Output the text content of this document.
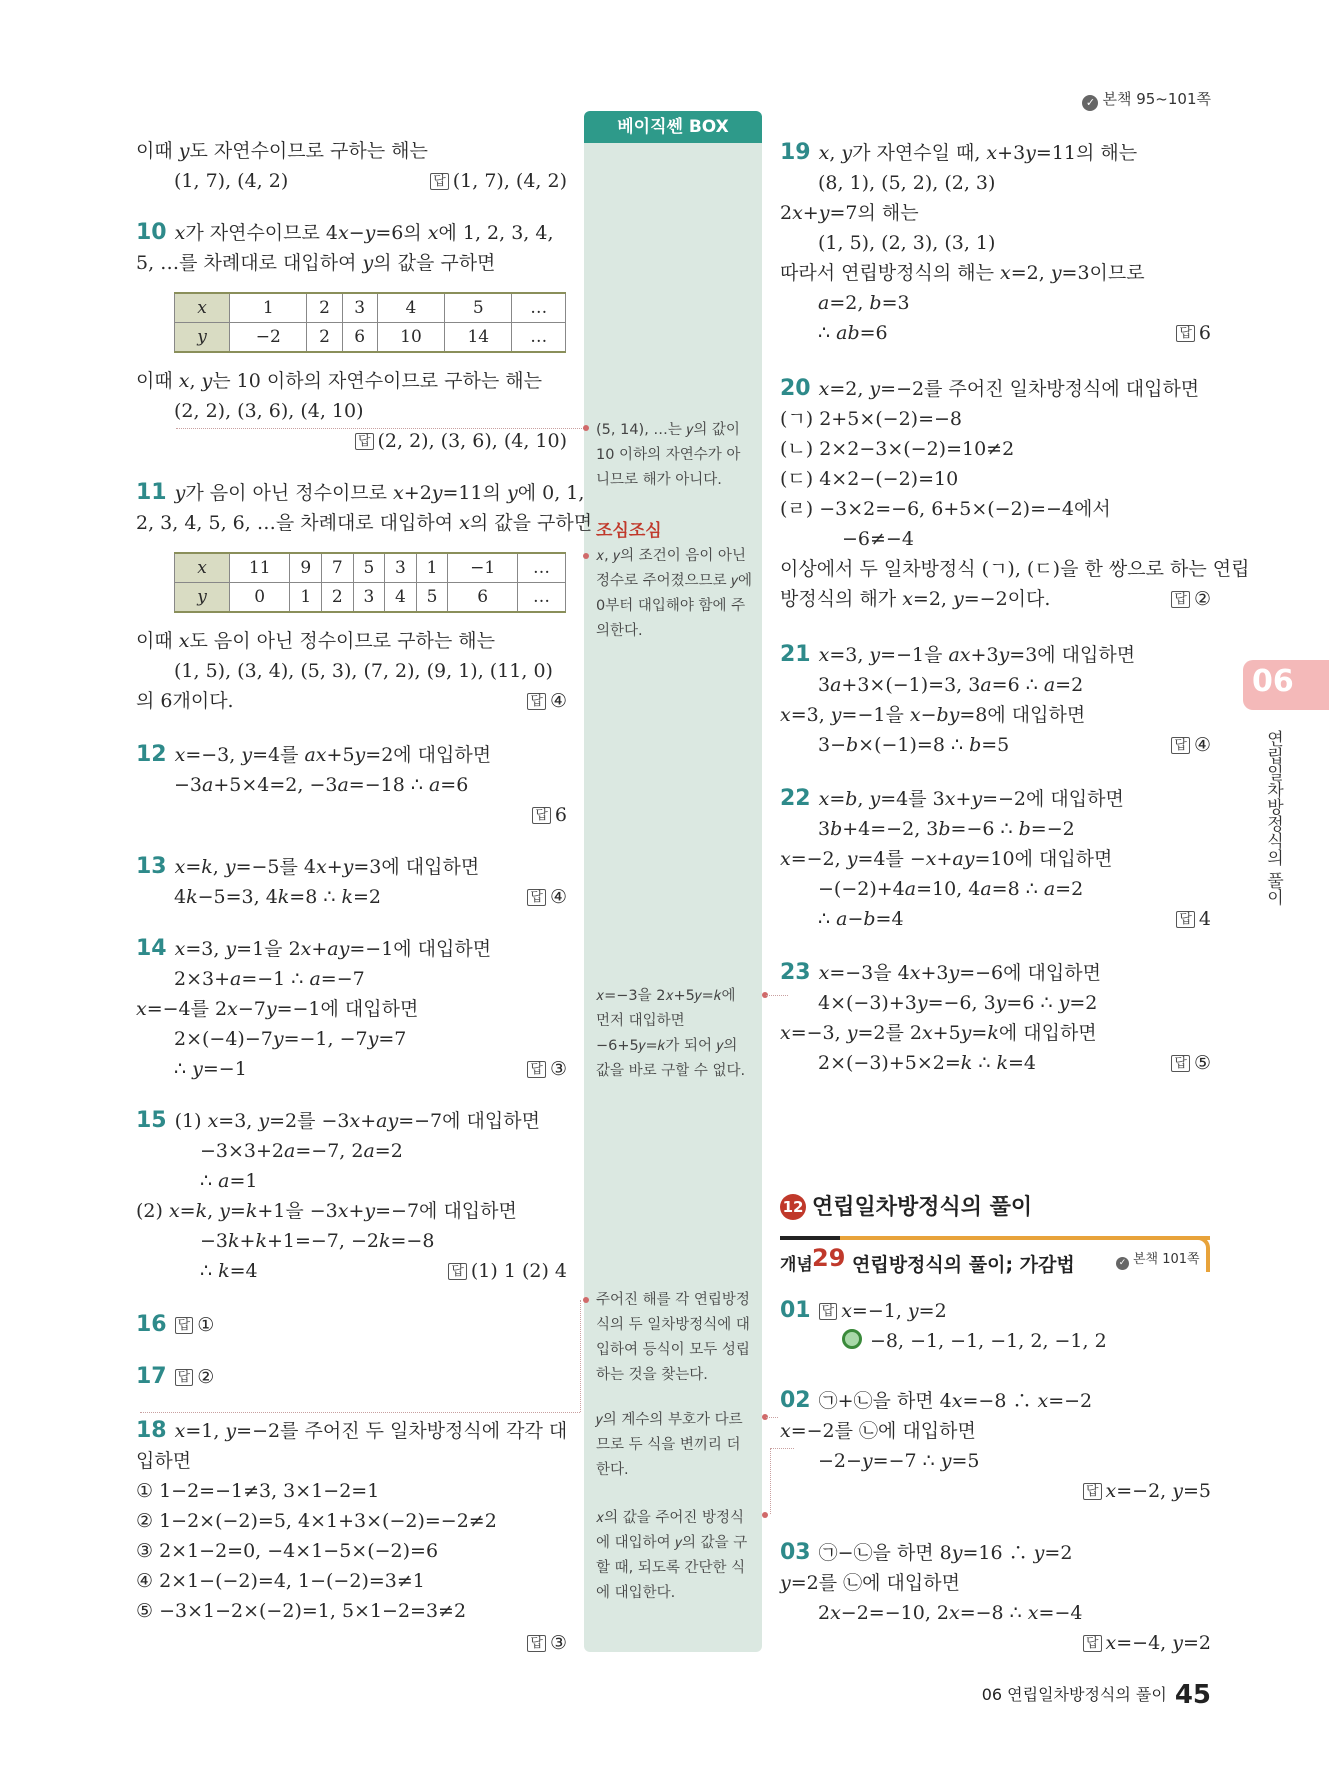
✓ 본책 95~101쪽
베이직쎈 BOX
(5, 14), …는 𝑦의 값이 10 이하의 자연수가 아니므로 해가 아니다.
조심조심
𝑥, 𝑦의 조건이 음이 아닌 정수로 주어졌으므로 𝑦에 0부터 대입해야 함에 주의한다.
𝑥=−3을 2𝑥+5𝑦=𝑘에 먼저 대입하면 −6+5𝑦=𝑘가 되어 𝑦의 값을 바로 구할 수 없다.
주어진 해를 각 연립방정식의 두 일차방정식에 대입하여 등식이 모두 성립하는 것을 찾는다.
𝑦의 계수의 부호가 다르므로 두 식을 변끼리 더한다.
𝑥의 값을 주어진 방정식에 대입하여 𝑦의 값을 구할 때, 되도록 간단한 식에 대입한다.
이때 𝑦도 자연수이므로 구하는 해는
(1, 7), (4, 2)	답 (1, 7), (4, 2)
10 𝑥가 자연수이므로 4𝑥−𝑦=6의 𝑥에 1, 2, 3, 4,
5, …를 차례대로 대입하여 𝑦의 값을 구하면
𝑥	1	2	3	4	5	…
𝑦	−2	2	6	10	14	…
이때 𝑥, 𝑦는 10 이하의 자연수이므로 구하는 해는
(2, 2), (3, 6), (4, 10)
답 (2, 2), (3, 6), (4, 10)
11 𝑦가 음이 아닌 정수이므로 𝑥+2𝑦=11의 𝑦에 0, 1,
2, 3, 4, 5, 6, …을 차례대로 대입하여 𝑥의 값을 구하면
𝑥	11	9	7	5	3	1	−1	…
𝑦	0	1	2	3	4	5	6	…
이때 𝑥도 음이 아닌 정수이므로 구하는 해는
(1, 5), (3, 4), (5, 3), (7, 2), (9, 1), (11, 0)
의 6개이다.	답 ④
12 𝑥=−3, 𝑦=4를 𝑎𝑥+5𝑦=2에 대입하면
−3𝑎+5×4=2, −3𝑎=−18 ∴ 𝑎=6
답 6
13 𝑥=𝑘, 𝑦=−5를 4𝑥+𝑦=3에 대입하면
4𝑘−5=3, 4𝑘=8 ∴ 𝑘=2	답 ④
14 𝑥=3, 𝑦=1을 2𝑥+𝑎𝑦=−1에 대입하면
2×3+𝑎=−1 ∴ 𝑎=−7
𝑥=−4를 2𝑥−7𝑦=−1에 대입하면
2×(−4)−7𝑦=−1, −7𝑦=7
∴ 𝑦=−1	답 ③
15 (1) 𝑥=3, 𝑦=2를 −3𝑥+𝑎𝑦=−7에 대입하면
−3×3+2𝑎=−7, 2𝑎=2
∴ 𝑎=1
(2) 𝑥=𝑘, 𝑦=𝑘+1을 −3𝑥+𝑦=−7에 대입하면
−3𝑘+𝑘+1=−7, −2𝑘=−8
∴ 𝑘=4	답 (1) 1 (2) 4
16 답 ①
17 답 ②
18 𝑥=1, 𝑦=−2를 주어진 두 일차방정식에 각각 대
입하면
① 1−2=−1≠3, 3×1−2=1
② 1−2×(−2)=5, 4×1+3×(−2)=−2≠2
③ 2×1−2=0, −4×1−5×(−2)=6
④ 2×1−(−2)=4, 1−(−2)=3≠1
⑤ −3×1−2×(−2)=1, 5×1−2=3≠2
답 ③
19 𝑥, 𝑦가 자연수일 때, 𝑥+3𝑦=11의 해는
(8, 1), (5, 2), (2, 3)
2𝑥+𝑦=7의 해는
(1, 5), (2, 3), (3, 1)
따라서 연립방정식의 해는 𝑥=2, 𝑦=3이므로
𝑎=2, 𝑏=3
∴ 𝑎𝑏=6	답 6
20 𝑥=2, 𝑦=−2를 주어진 일차방정식에 대입하면
(ㄱ) 2+5×(−2)=−8
(ㄴ) 2×2−3×(−2)=10≠2
(ㄷ) 4×2−(−2)=10
(ㄹ) −3×2=−6, 6+5×(−2)=−4에서
−6≠−4
이상에서 두 일차방정식 (ㄱ), (ㄷ)을 한 쌍으로 하는 연립
방정식의 해가 𝑥=2, 𝑦=−2이다.	답 ②
21 𝑥=3, 𝑦=−1을 𝑎𝑥+3𝑦=3에 대입하면
3𝑎+3×(−1)=3, 3𝑎=6 ∴ 𝑎=2
𝑥=3, 𝑦=−1을 𝑥−𝑏𝑦=8에 대입하면
3−𝑏×(−1)=8 ∴ 𝑏=5	답 ④
22 𝑥=𝑏, 𝑦=4를 3𝑥+𝑦=−2에 대입하면
3𝑏+4=−2, 3𝑏=−6 ∴ 𝑏=−2
𝑥=−2, 𝑦=4를 −𝑥+𝑎𝑦=10에 대입하면
−(−2)+4𝑎=10, 4𝑎=8 ∴ 𝑎=2
∴ 𝑎−𝑏=4	답 4
23 𝑥=−3을 4𝑥+3𝑦=−6에 대입하면
4×(−3)+3𝑦=−6, 3𝑦=6 ∴ 𝑦=2
𝑥=−3, 𝑦=2를 2𝑥+5𝑦=𝑘에 대입하면
2×(−3)+5×2=𝑘 ∴ 𝑘=4	답 ⑤
12 연립일차방정식의 풀이
개념 29 연립방정식의 풀이; 가감법	✓ 본책 101쪽
01 답 𝑥=−1, 𝑦=2
−8, −1, −1, −1, 2, −1, 2
02 ㉠+㉡을 하면 4𝑥=−8 ∴ 𝑥=−2
𝑥=−2를 ㉡에 대입하면
−2−𝑦=−7 ∴ 𝑦=5
답 𝑥=−2, 𝑦=5
03 ㉠−㉡을 하면 8𝑦=16 ∴ 𝑦=2
𝑦=2를 ㉡에 대입하면
2𝑥−2=−10, 2𝑥=−8 ∴ 𝑥=−4
답 𝑥=−4, 𝑦=2
06
연립일차방정식의 풀이
06 연립일차방정식의 풀이 45
